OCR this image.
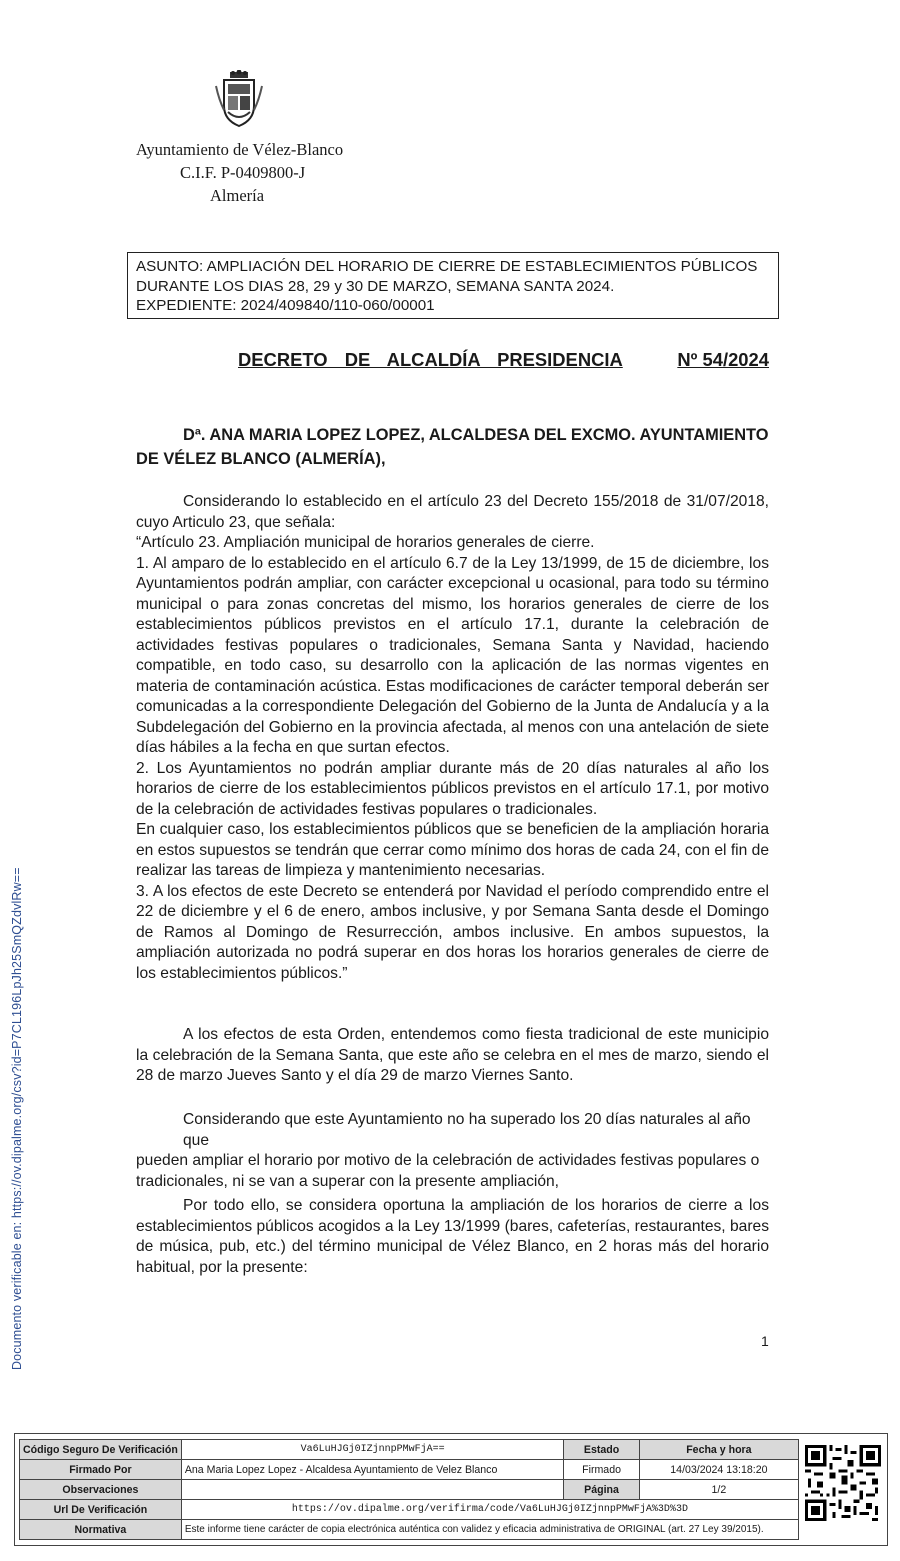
Ayuntamiento de Vélez-Blanco
C.I.F. P-0409800-J
Almería
ASUNTO: AMPLIACIÓN DEL HORARIO DE CIERRE DE ESTABLECIMIENTOS PÚBLICOS
DURANTE LOS DIAS 28, 29 y 30 DE MARZO, SEMANA SANTA 2024.
EXPEDIENTE: 2024/409840/110-060/00001
DECRETO DE ALCALDÍA PRESIDENCIA	Nº 54/2024
Dª. ANA MARIA LOPEZ LOPEZ, ALCALDESA DEL EXCMO. AYUNTAMIENTO
DE VÉLEZ BLANCO (ALMERÍA),

Considerando lo establecido en el artículo 23 del Decreto 155/2018 de 31/07/2018, cuyo Articulo 23, que señala:

“Artículo 23. Ampliación municipal de horarios generales de cierre.

1. Al amparo de lo establecido en el artículo 6.7 de la Ley 13/1999, de 15 de diciembre, los Ayuntamientos podrán ampliar, con carácter excepcional u ocasional, para todo su término municipal o para zonas concretas del mismo, los horarios generales de cierre de los establecimientos públicos previstos en el artículo 17.1, durante la celebración de actividades festivas populares o tradicionales, Semana Santa y Navidad, haciendo compatible, en todo caso, su desarrollo con la aplicación de las normas vigentes en materia de contaminación acústica. Estas modificaciones de carácter temporal deberán ser comunicadas a la correspondiente Delegación del Gobierno de la Junta de Andalucía y a la Subdelegación del Gobierno en la provincia afectada, al menos con una antelación de siete días hábiles a la fecha en que surtan efectos.

2. Los Ayuntamientos no podrán ampliar durante más de 20 días naturales al año los horarios de cierre de los establecimientos públicos previstos en el artículo 17.1, por motivo de la celebración de actividades festivas populares o tradicionales.

En cualquier caso, los establecimientos públicos que se beneficien de la ampliación horaria en estos supuestos se tendrán que cerrar como mínimo dos horas de cada 24, con el fin de realizar las tareas de limpieza y mantenimiento necesarias.

3. A los efectos de este Decreto se entenderá por Navidad el período comprendido entre el 22 de diciembre y el 6 de enero, ambos inclusive, y por Semana Santa desde el Domingo de Ramos al Domingo de Resurrección, ambos inclusive. En ambos supuestos, la ampliación autorizada no podrá superar en dos horas los horarios generales de cierre de los establecimientos públicos.”

A los efectos de esta Orden, entendemos como fiesta tradicional de este municipio la celebración de la Semana Santa, que este año se celebra en el mes de marzo, siendo el 28 de marzo Jueves Santo y el día 29 de marzo Viernes Santo.

Considerando que este Ayuntamiento no ha superado los 20 días naturales al año que

pueden ampliar el horario por motivo de la celebración de actividades festivas populares o

tradicionales, ni se van a superar con la presente ampliación,

Por todo ello, se considera oportuna la ampliación de los horarios de cierre a los establecimientos públicos acogidos a la Ley 13/1999 (bares, cafeterías, restaurantes, bares de música, pub, etc.) del término municipal de Vélez Blanco, en 2 horas más del horario habitual, por la presente:

1
Documento verificable en: https://ov.dipalme.org/csv?id=P7CL196LpJh25SmQZdvlRw==
Código Seguro De Verificación	Va6LuHJGj0IZjnnpPMwFjA==	Estado	Fecha y hora
Firmado Por	Ana Maria Lopez Lopez - Alcaldesa Ayuntamiento de Velez Blanco	Firmado	14/03/2024 13:18:20
Observaciones		Página	1/2
Url De Verificación	https://ov.dipalme.org/verifirma/code/Va6LuHJGj0IZjnnpPMwFjA%3D%3D		
Normativa	Este informe tiene carácter de copia electrónica auténtica con validez y eficacia administrativa de ORIGINAL (art. 27 Ley 39/2015).		
